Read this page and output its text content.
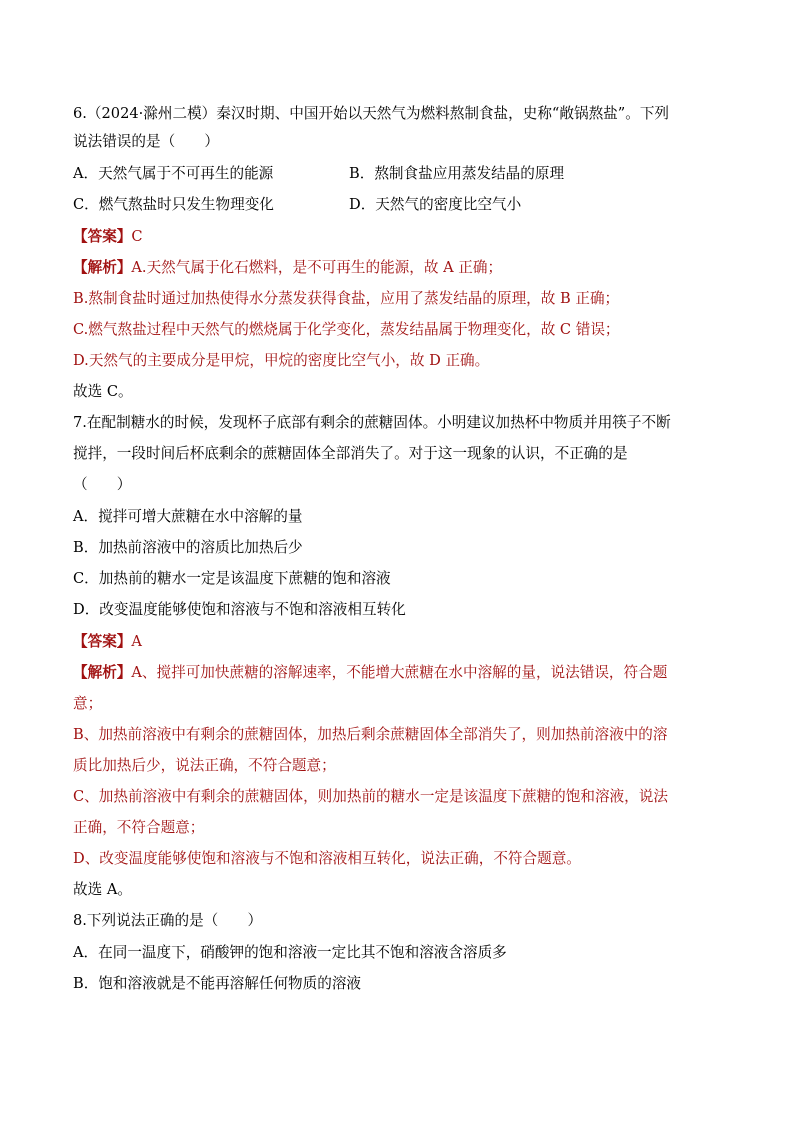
6.（2024·滁州二模）秦汉时期、中国开始以天然气为燃料熬制食盐，史称“敞锅熬盐”。下列
说法错误的是（　　）
A．天然气属于不可再生的能源	B．熬制食盐应用蒸发结晶的原理
C．燃气熬盐时只发生物理变化	D．天然气的密度比空气小
【答案】C
【解析】A.天然气属于化石燃料，是不可再生的能源，故 A 正确；
B.熬制食盐时通过加热使得水分蒸发获得食盐，应用了蒸发结晶的原理，故 B 正确；
C.燃气熬盐过程中天然气的燃烧属于化学变化，蒸发结晶属于物理变化，故 C 错误；
D.天然气的主要成分是甲烷，甲烷的密度比空气小，故 D 正确。
故选 C。
7.在配制糖水的时候，发现杯子底部有剩余的蔗糖固体。小明建议加热杯中物质并用筷子不断
搅拌，一段时间后杯底剩余的蔗糖固体全部消失了。对于这一现象的认识，不正确的是
（　　）
A．搅拌可增大蔗糖在水中溶解的量
B．加热前溶液中的溶质比加热后少
C．加热前的糖水一定是该温度下蔗糖的饱和溶液
D．改变温度能够使饱和溶液与不饱和溶液相互转化
【答案】A
【解析】A、搅拌可加快蔗糖的溶解速率，不能增大蔗糖在水中溶解的量，说法错误，符合题
意；
B、加热前溶液中有剩余的蔗糖固体，加热后剩余蔗糖固体全部消失了，则加热前溶液中的溶
质比加热后少，说法正确，不符合题意；
C、加热前溶液中有剩余的蔗糖固体，则加热前的糖水一定是该温度下蔗糖的饱和溶液，说法
正确，不符合题意；
D、改变温度能够使饱和溶液与不饱和溶液相互转化，说法正确，不符合题意。
故选 A。
8.下列说法正确的是（　　）
A．在同一温度下，硝酸钾的饱和溶液一定比其不饱和溶液含溶质多
B．饱和溶液就是不能再溶解任何物质的溶液
